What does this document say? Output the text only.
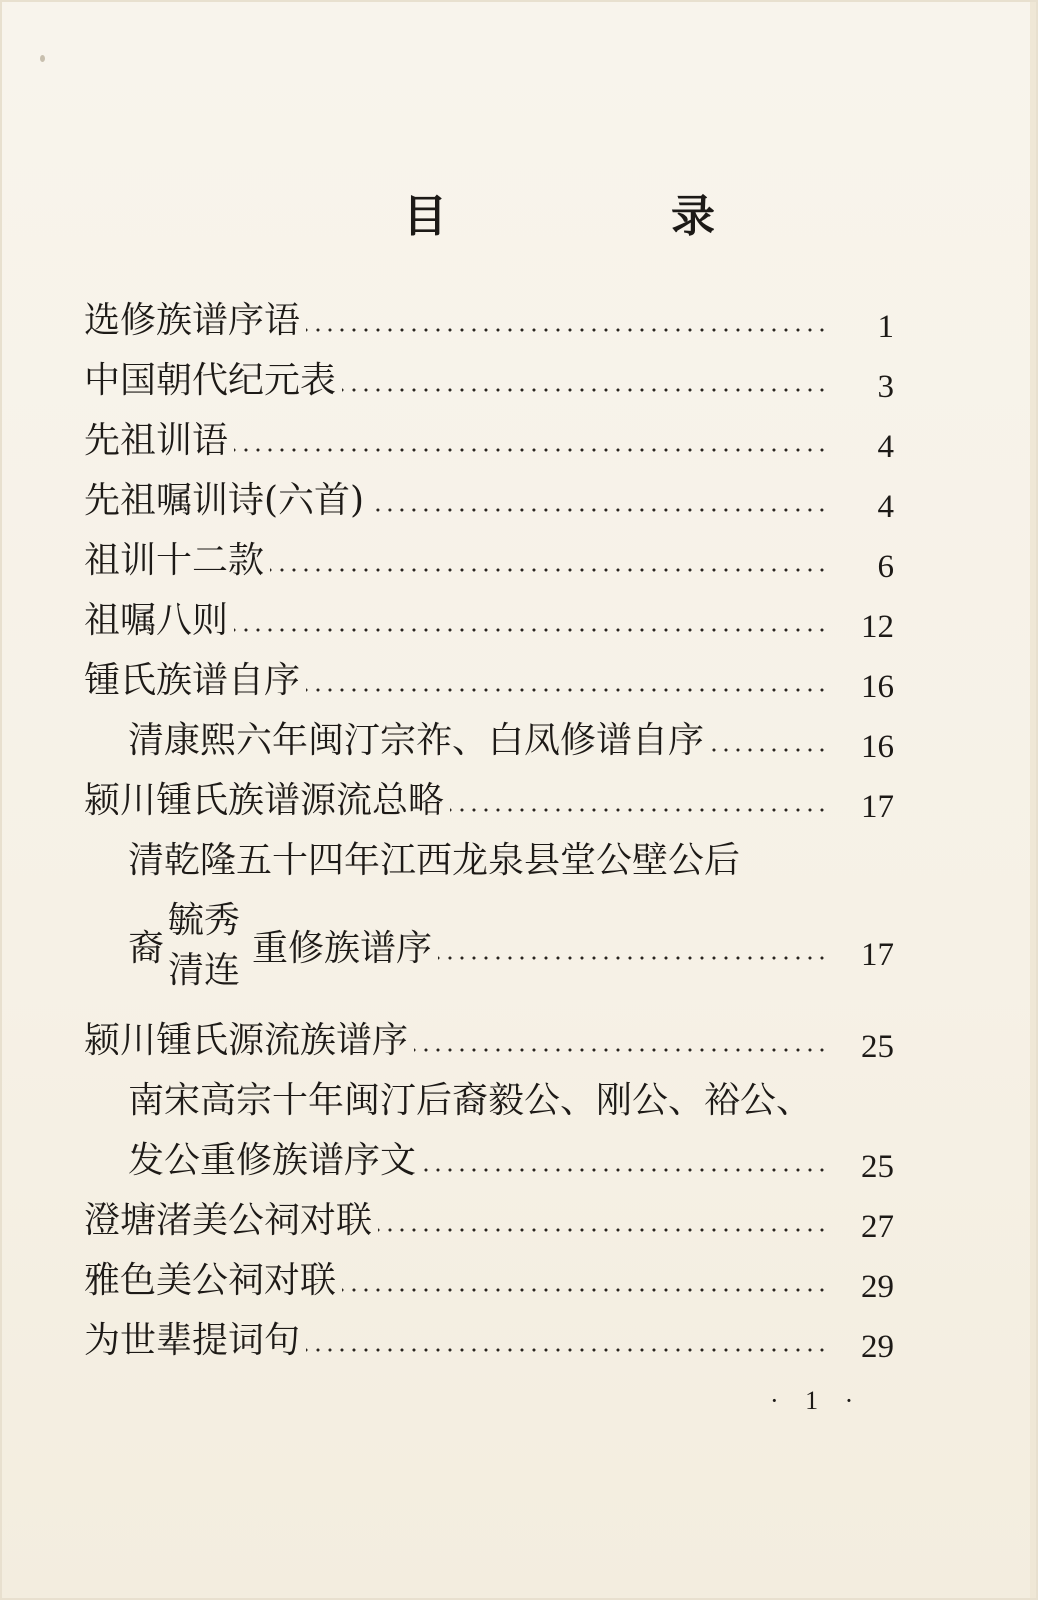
目　录
选修族谱序语	1
中国朝代纪元表	3
先祖训语	4
先祖嘱训诗(六首)	4
祖训十二款	6
祖嘱八则	12
锺氏族谱自序	16
清康熙六年闽汀宗祚、白凤修谱自序	16
颍川锺氏族谱源流总略	17
清乾隆五十四年江西龙泉县堂公壁公后
裔
毓秀
清连
重修族谱序	17
颍川锺氏源流族谱序	25
南宋高宗十年闽汀后裔毅公、刚公、裕公、
发公重修族谱序文	25
澄塘渚美公祠对联	27
雅色美公祠对联	29
为世辈提词句	29
· 1 ·
